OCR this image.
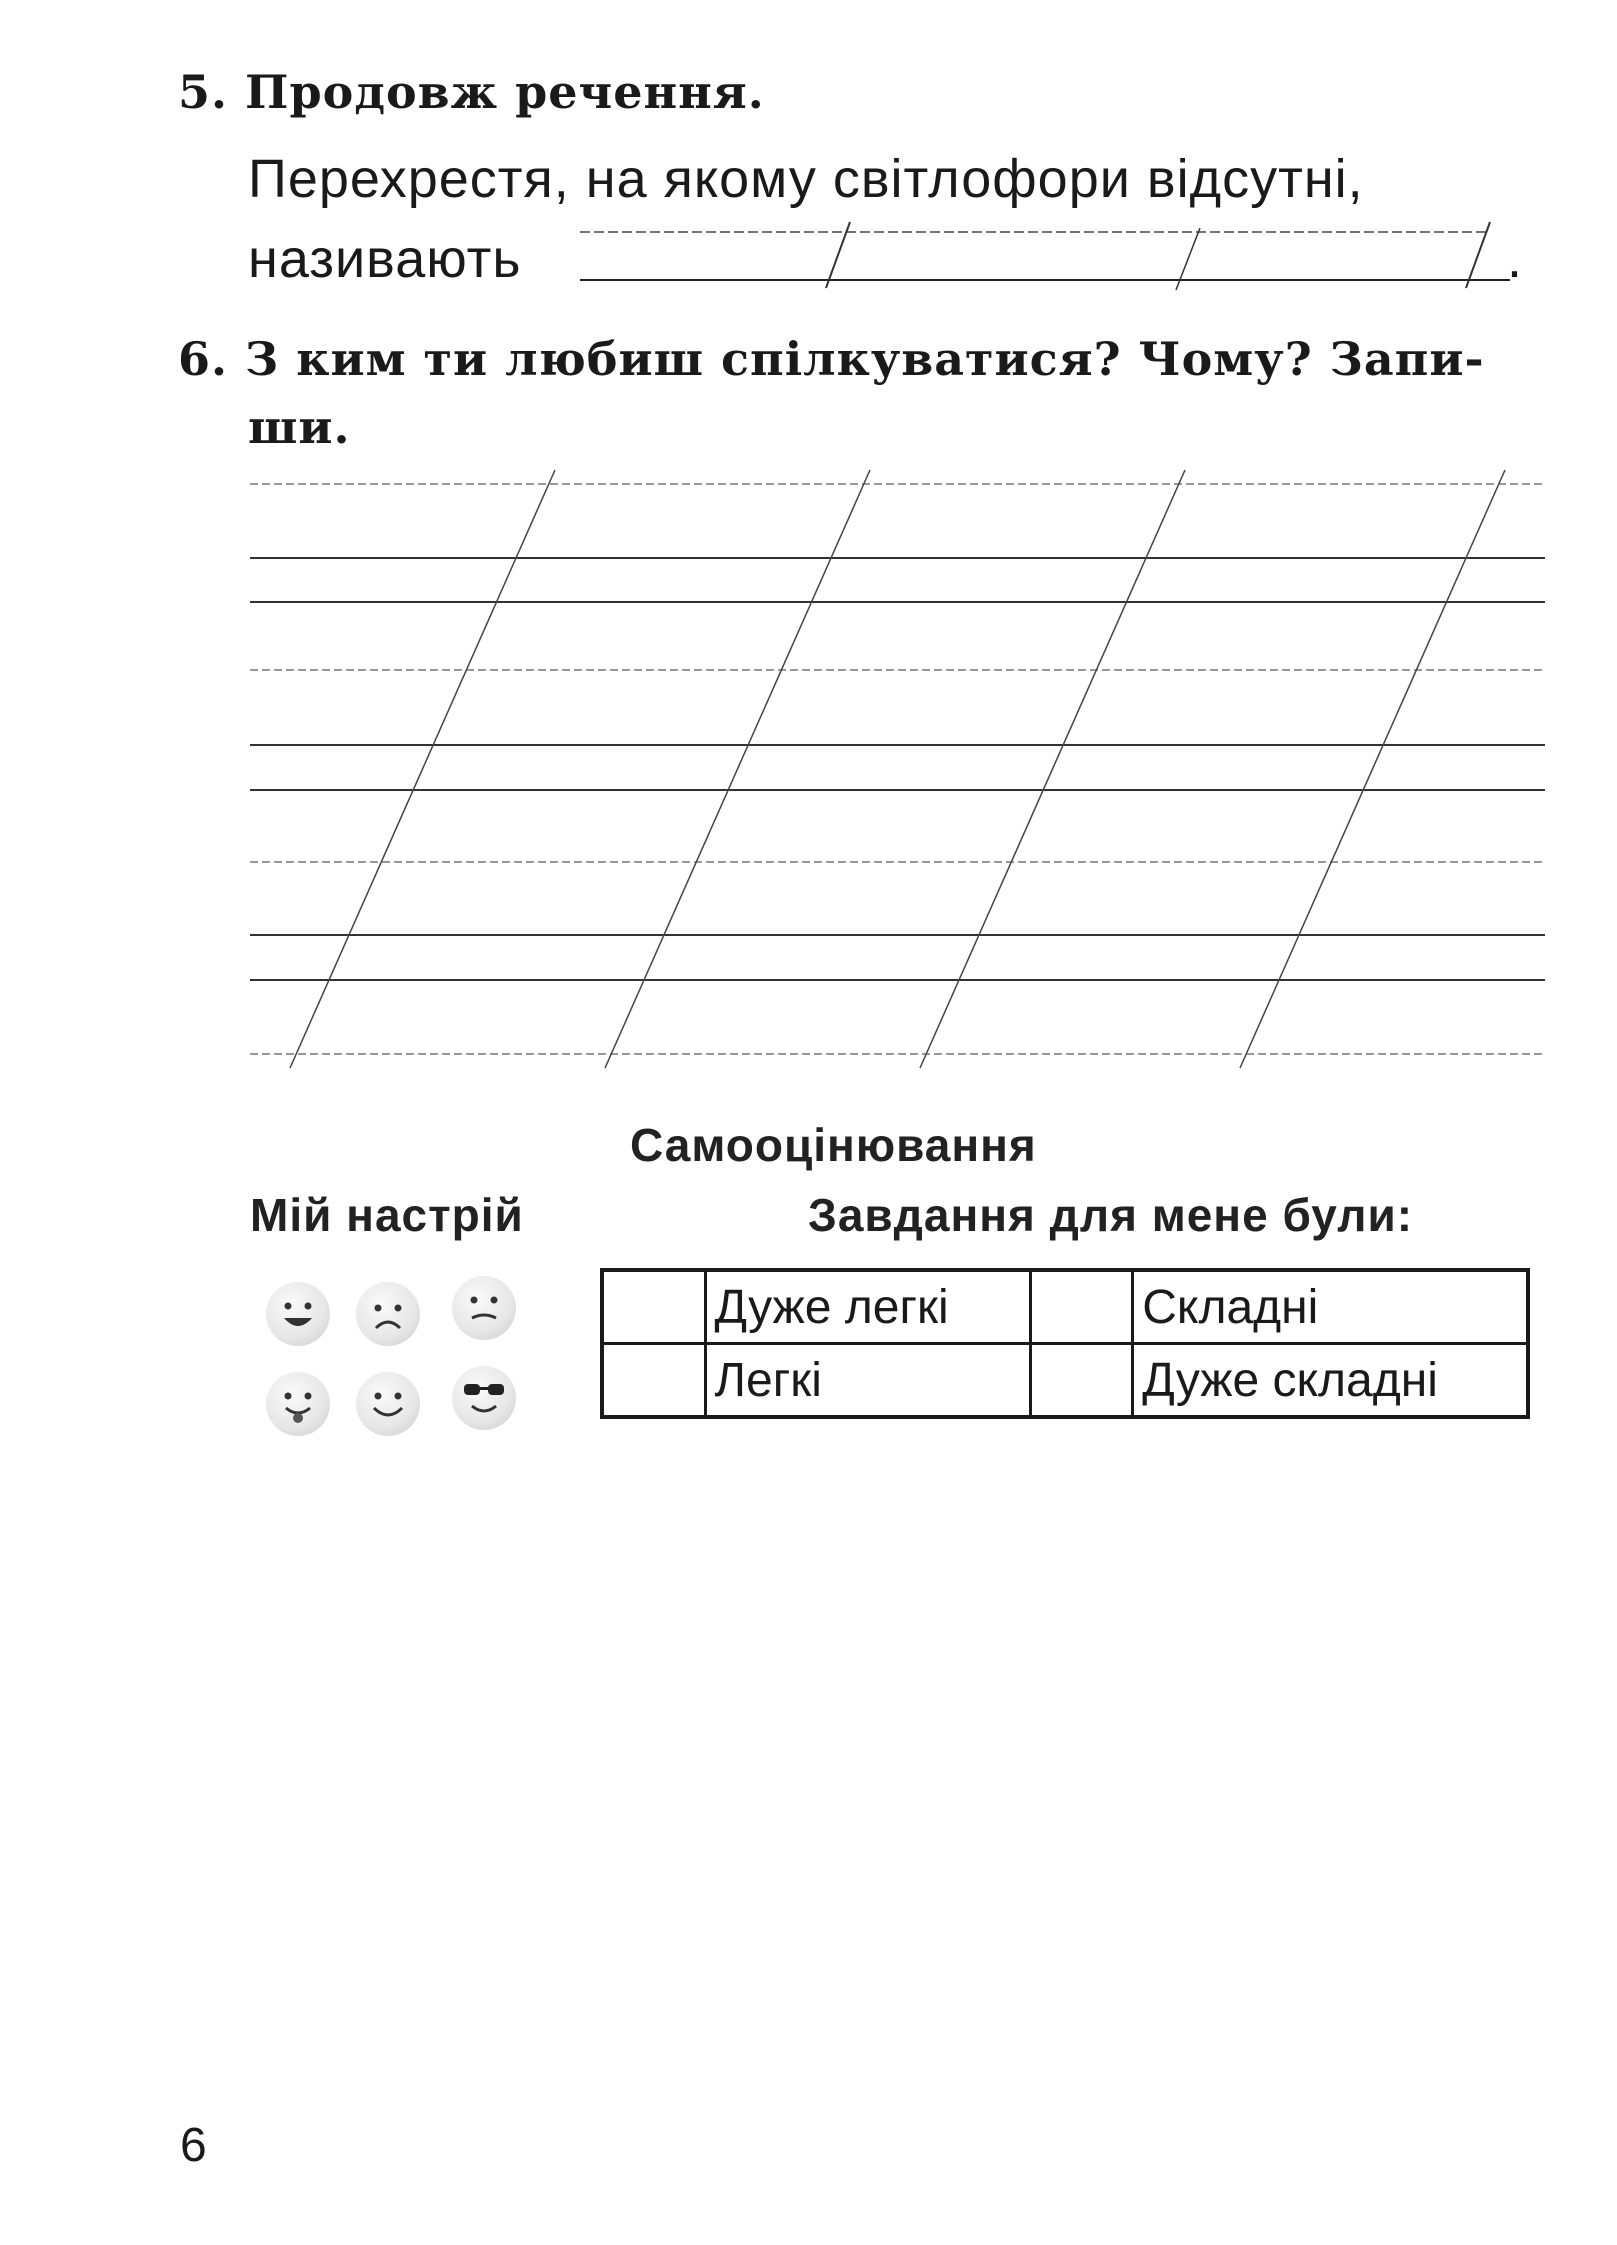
5. Продовж речення.
Перехрестя, на якому світлофори відсутні,
називають	.
6. З ким ти любиш спілкуватися? Чому? Запи-
ши.
Самооцінювання
Мій настрій	Завдання для мене були:
	Дуже легкі		Складні
	Легкі		Дуже складні
6
